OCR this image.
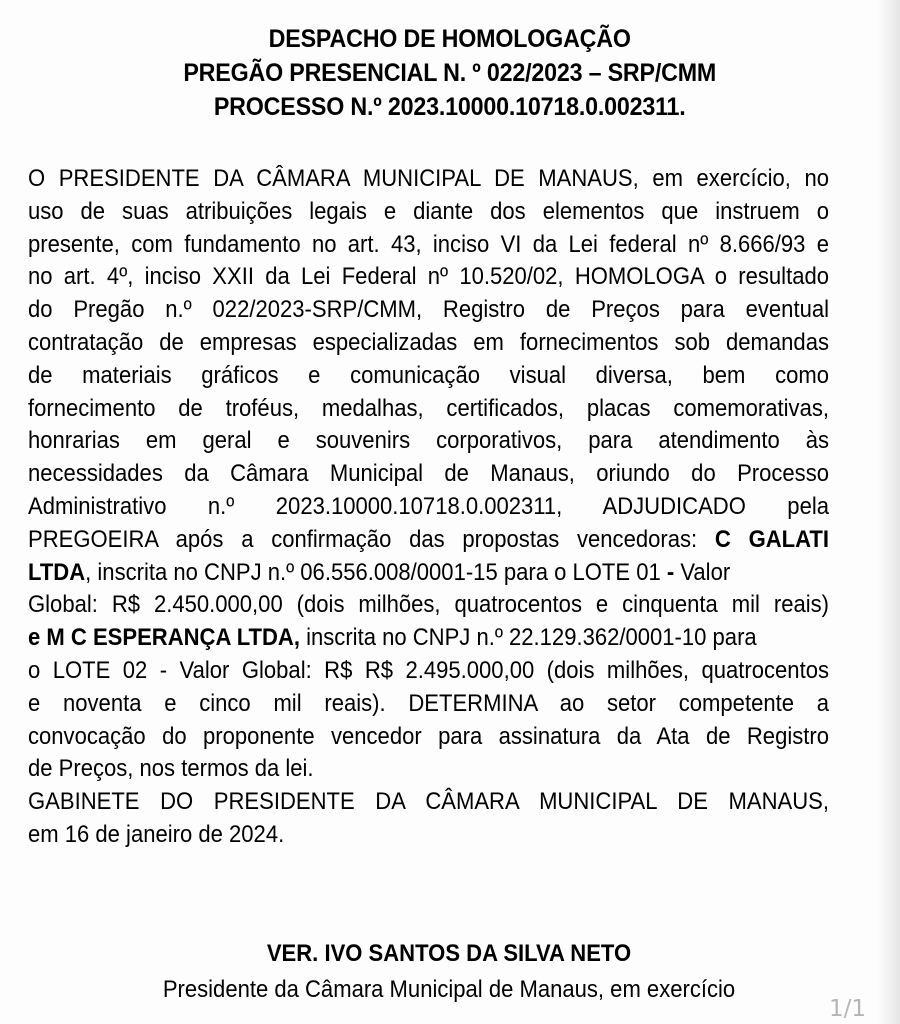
DESPACHO DE HOMOLOGAÇÃO
PREGÃO PRESENCIAL N. º 022/2023 – SRP/CMM
PROCESSO N.º 2023.10000.10718.0.002311.
O PRESIDENTE DA CÂMARA MUNICIPAL DE MANAUS, em exercício, no
uso de suas atribuições legais e diante dos elementos que instruem o
presente, com fundamento no art. 43, inciso VI da Lei federal nº 8.666/93 e
no art. 4º, inciso XXII da Lei Federal nº 10.520/02, HOMOLOGA o resultado
do Pregão n.º 022/2023-SRP/CMM, Registro de Preços para eventual
contratação de empresas especializadas em fornecimentos sob demandas
de materiais gráficos e comunicação visual diversa, bem como
fornecimento de troféus, medalhas, certificados, placas comemorativas,
honrarias em geral e souvenirs corporativos, para atendimento às
necessidades da Câmara Municipal de Manaus, oriundo do Processo
Administrativo n.º 2023.10000.10718.0.002311, ADJUDICADO pela
PREGOEIRA após a confirmação das propostas vencedoras: C GALATI
LTDA, inscrita no CNPJ n.º 06.556.008/0001-15 para o LOTE 01 - Valor
Global: R$ 2.450.000,00 (dois milhões, quatrocentos e cinquenta mil reais)
e M C ESPERANÇA LTDA, inscrita no CNPJ n.º 22.129.362/0001-10 para
o LOTE 02 - Valor Global: R$ R$ 2.495.000,00 (dois milhões, quatrocentos
e noventa e cinco mil reais). DETERMINA ao setor competente a
convocação do proponente vencedor para assinatura da Ata de Registro
de Preços, nos termos da lei.
GABINETE DO PRESIDENTE DA CÂMARA MUNICIPAL DE MANAUS,
em 16 de janeiro de 2024.
VER. IVO SANTOS DA SILVA NETO
Presidente da Câmara Municipal de Manaus, em exercício
1/1
